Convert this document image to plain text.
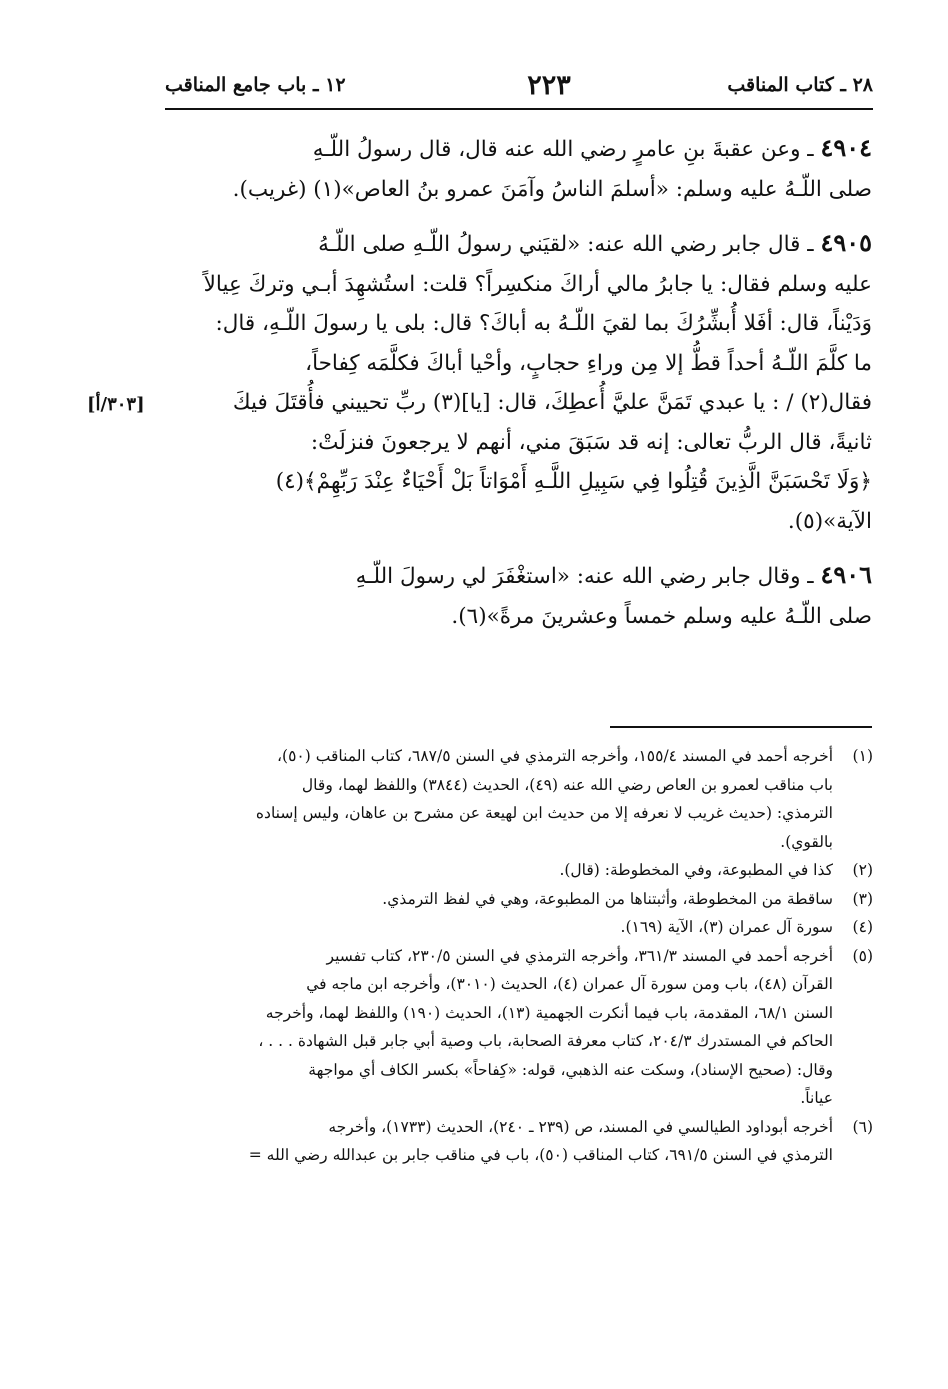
٢٨ ـ كتاب المناقب
٢٢٣
١٢ ـ باب جامع المناقب

٤٩٠٤ ـ وعن عقبةَ بنِ عامرٍ رضي الله عنه قال، قال رسولُ اللّـهِ
صلى اللّـهُ عليه وسلم: «أسلمَ الناسُ وآمَنَ عمرو بنُ العاص»(١) (غريب).

٤٩٠٥ ـ قال جابر رضي الله عنه: «لقيَني رسولُ اللّـهِ صلى اللّـهُ
عليه وسلم فقال: يا جابرُ مالي أراكَ منكسِراً؟ قلت: استُشهِدَ أبـي وتركَ عِيالاً
وَدَيْناً، قال: أفَلا أُبشِّرُكَ بما لقيَ اللّـهُ به أباكَ؟ قال: بلى يا رسولَ اللّـهِ، قال:
ما كلَّمَ اللّـهُ أحداً قطُّ إلا مِن وراءِ حجابٍ، وأحْيا أباكَ فكلَّمَه كِفاحاً،
فقال(٢) / : يا عبدي تَمَنَّ عليَّ أُعطِكَ، قال: [يا](٣) ربِّ تحييني فأُقتَلَ فيكَ
ثانيةً، قال الربُّ تعالى: إنه قد سَبَقَ مني، أنهم لا يرجعونَ فنزلَتْ:
﴿وَلَا تَحْسَبَنَّ الَّذِينَ قُتِلُوا فِي سَبِيلِ اللَّـهِ أَمْوَاتاً بَلْ أَحْيَاءٌ عِنْدَ رَبِّهِمْ﴾(٤)
الآية»(٥).
[٣٠٣/أ]

٤٩٠٦ ـ وقال جابر رضي الله عنه: «استغْفَرَ لي رسولَ اللّـهِ
صلى اللّـهُ عليه وسلم خمساً وعشرينَ مرةً»(٦).

(١)
أخرجه أحمد في المسند ١٥٥/٤، وأخرجه الترمذي في السنن ٦٨٧/٥، كتاب المناقب (٥٠)،
باب مناقب لعمرو بن العاص رضي الله عنه (٤٩)، الحديث (٣٨٤٤) واللفظ لهما، وقال
الترمذي: (حديث غريب لا نعرفه إلا من حديث ابن لهيعة عن مشرح بن عاهان، وليس إسناده
بالقوي).
(٢)
كذا في المطبوعة، وفي المخطوطة: (قال).
(٣)
ساقطة من المخطوطة، وأثبتناها من المطبوعة، وهي في لفظ الترمذي.
(٤)
سورة آل عمران (٣)، الآية (١٦٩).
(٥)
أخرجه أحمد في المسند ٣٦١/٣، وأخرجه الترمذي في السنن ٢٣٠/٥، كتاب تفسير
القرآن (٤٨)، باب ومن سورة آل عمران (٤)، الحديث (٣٠١٠)، وأخرجه ابن ماجه في
السنن ٦٨/١، المقدمة، باب فيما أنكرت الجهمية (١٣)، الحديث (١٩٠) واللفظ لهما، وأخرجه
الحاكم في المستدرك ٢٠٤/٣، كتاب معرفة الصحابة، باب وصية أبي جابر قبل الشهادة . . . ،
وقال: (صحيح الإسناد)، وسكت عنه الذهبي، قوله: «كِفاحاً» بكسر الكاف أي مواجهة
عياناً.
(٦)
أخرجه أبوداود الطيالسي في المسند، ص (٢٣٩ ـ ٢٤٠)، الحديث (١٧٣٣)، وأخرجه
الترمذي في السنن ٦٩١/٥، كتاب المناقب (٥٠)، باب في مناقب جابر بن عبدالله رضي الله =
